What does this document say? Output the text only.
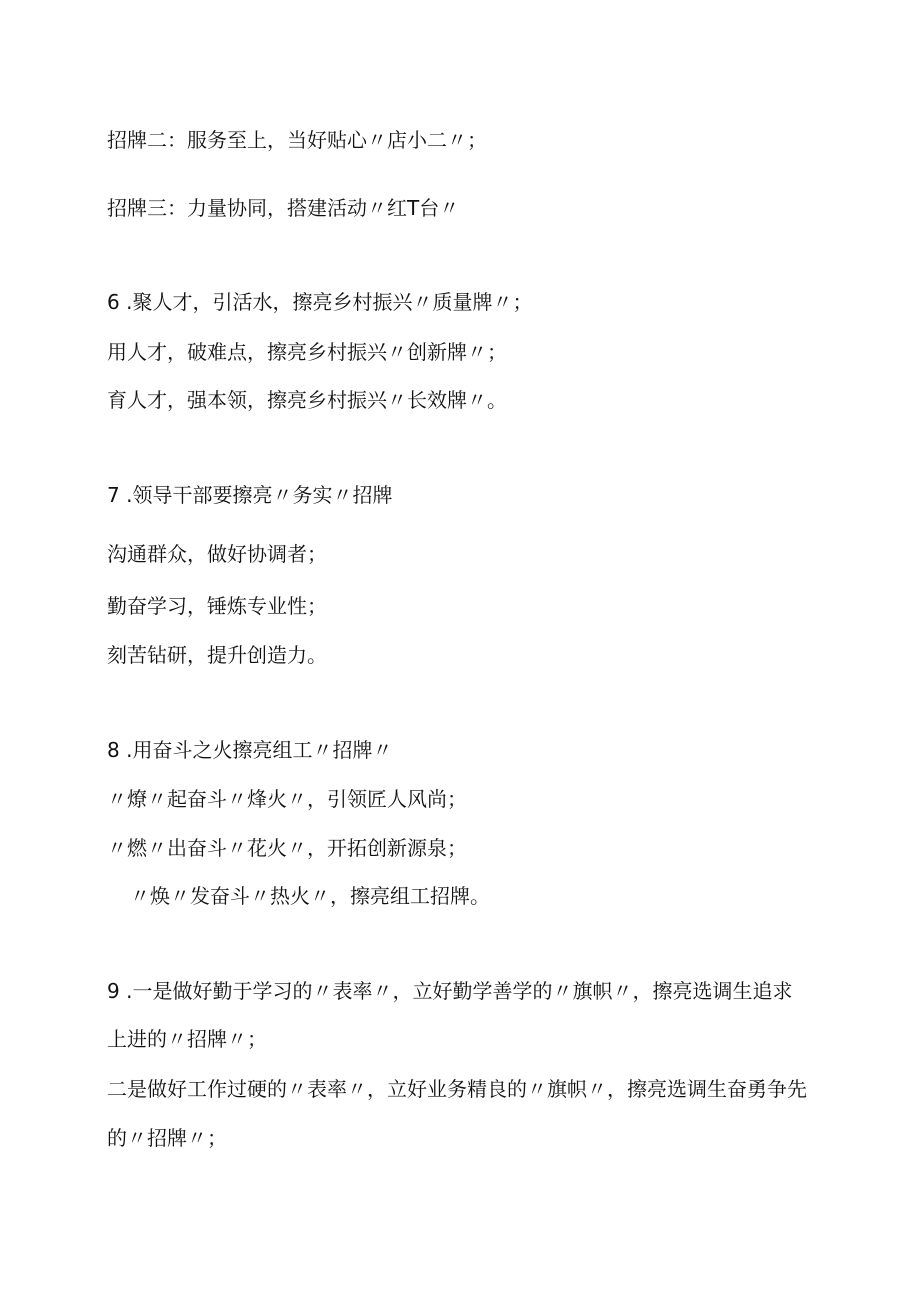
招牌二：服务至上，当好贴心〃店小二〃；
招牌三：力量协同，搭建活动〃红T台〃
6 .聚人才，引活水，擦亮乡村振兴〃质量牌〃；
用人才，破难点，擦亮乡村振兴〃创新牌〃；
育人才，强本领，擦亮乡村振兴〃长效牌〃。
7 .领导干部要擦亮〃务实〃招牌
沟通群众，做好协调者；
勤奋学习，锤炼专业性；
刻苦钻研，提升创造力。
8 .用奋斗之火擦亮组工〃招牌〃
〃燎〃起奋斗〃烽火〃，引领匠人风尚；
〃燃〃出奋斗〃花火〃，开拓创新源泉；
〃焕〃发奋斗〃热火〃，擦亮组工招牌。
9 .一是做好勤于学习的〃表率〃，立好勤学善学的〃旗帜〃，擦亮选调生追求
上进的〃招牌〃；
二是做好工作过硬的〃表率〃，立好业务精良的〃旗帜〃，擦亮选调生奋勇争先
的〃招牌〃；
